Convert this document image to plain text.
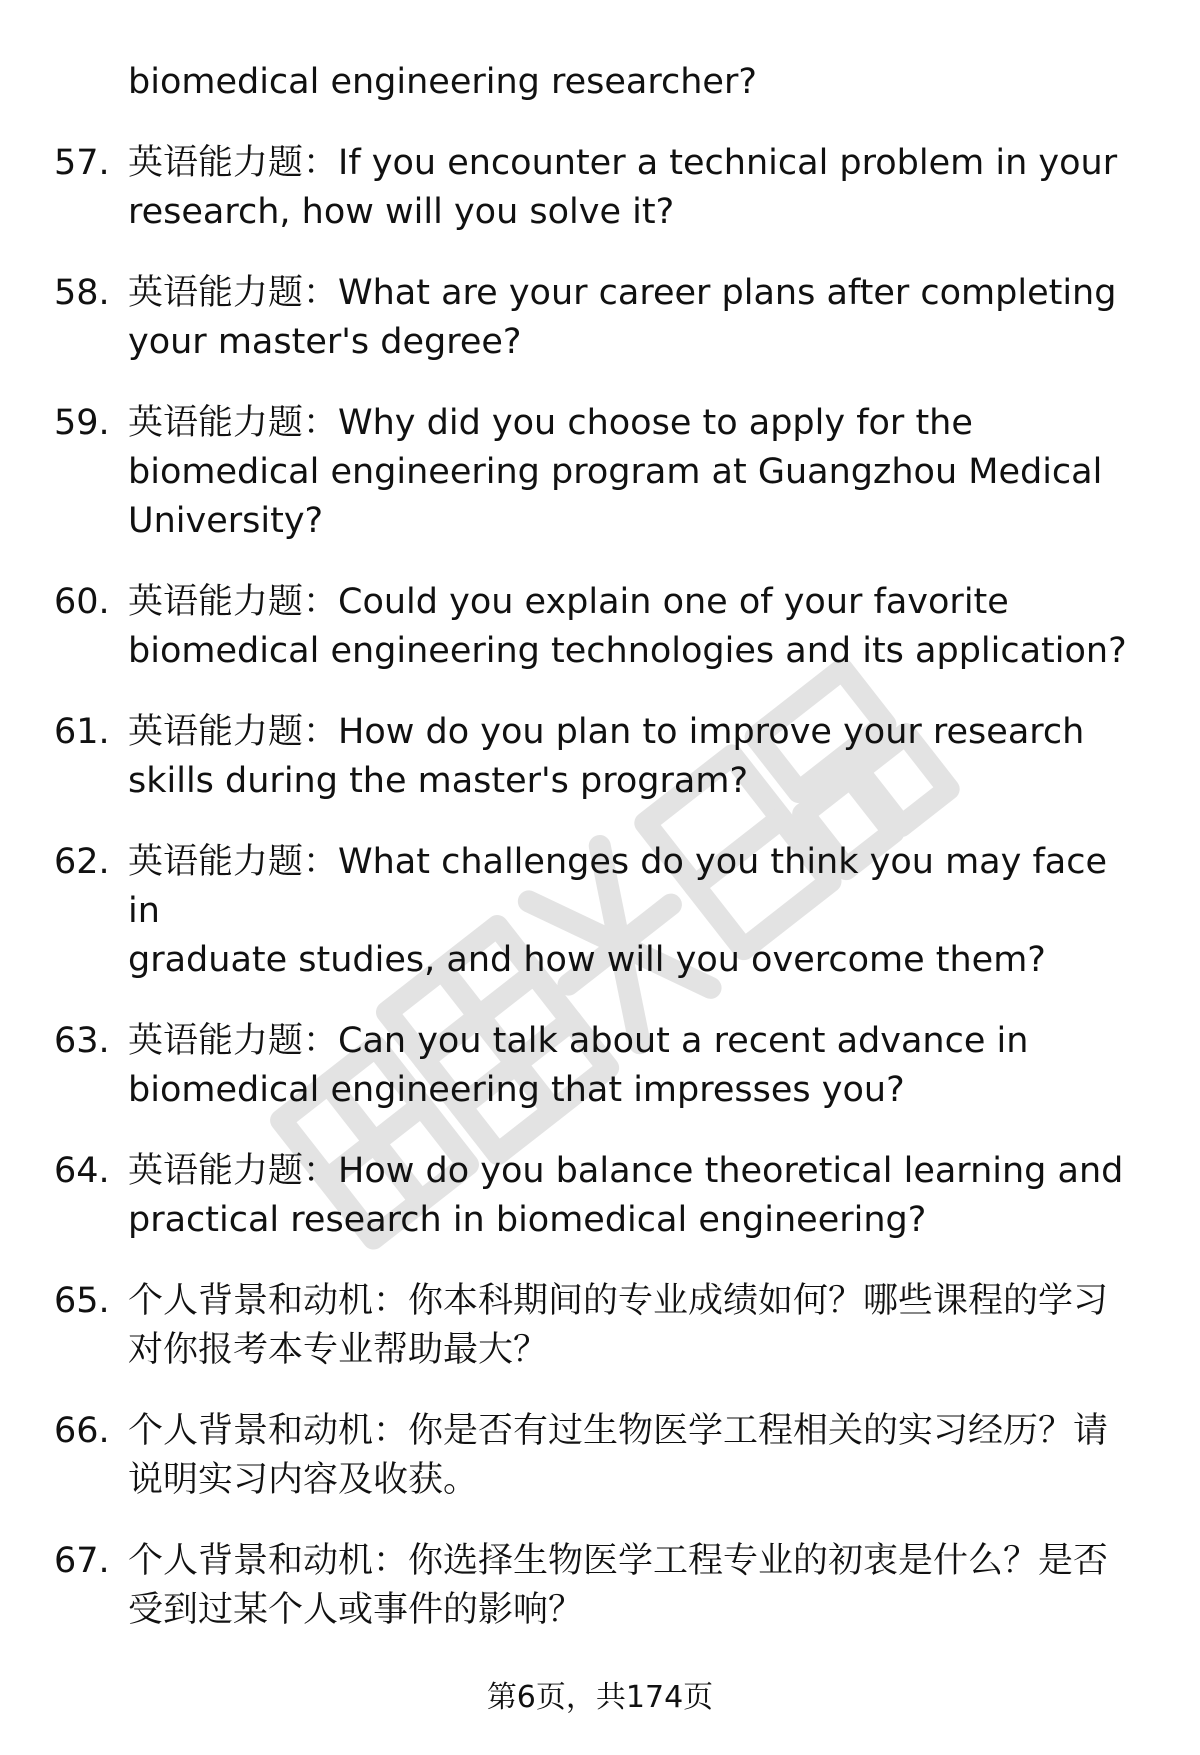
biomedical engineering researcher?
57. 英语能力题：If you encounter a technical problem in your
research, how will you solve it?
58. 英语能力题：What are your career plans after completing
your master's degree?
59. 英语能力题：Why did you choose to apply for the
biomedical engineering program at Guangzhou Medical
University?
60. 英语能力题：Could you explain one of your favorite
biomedical engineering technologies and its application?
61. 英语能力题：How do you plan to improve your research
skills during the master's program?
62. 英语能力题：What challenges do you think you may face in
graduate studies, and how will you overcome them?
63. 英语能力题：Can you talk about a recent advance in
biomedical engineering that impresses you?
64. 英语能力题：How do you balance theoretical learning and
practical research in biomedical engineering?
65. 个人背景和动机：你本科期间的专业成绩如何？哪些课程的学习
对你报考本专业帮助最大？
66. 个人背景和动机：你是否有过生物医学工程相关的实习经历？请
说明实习内容及收获。
67. 个人背景和动机：你选择生物医学工程专业的初衷是什么？是否
受到过某个人或事件的影响？
第6页，共174页
